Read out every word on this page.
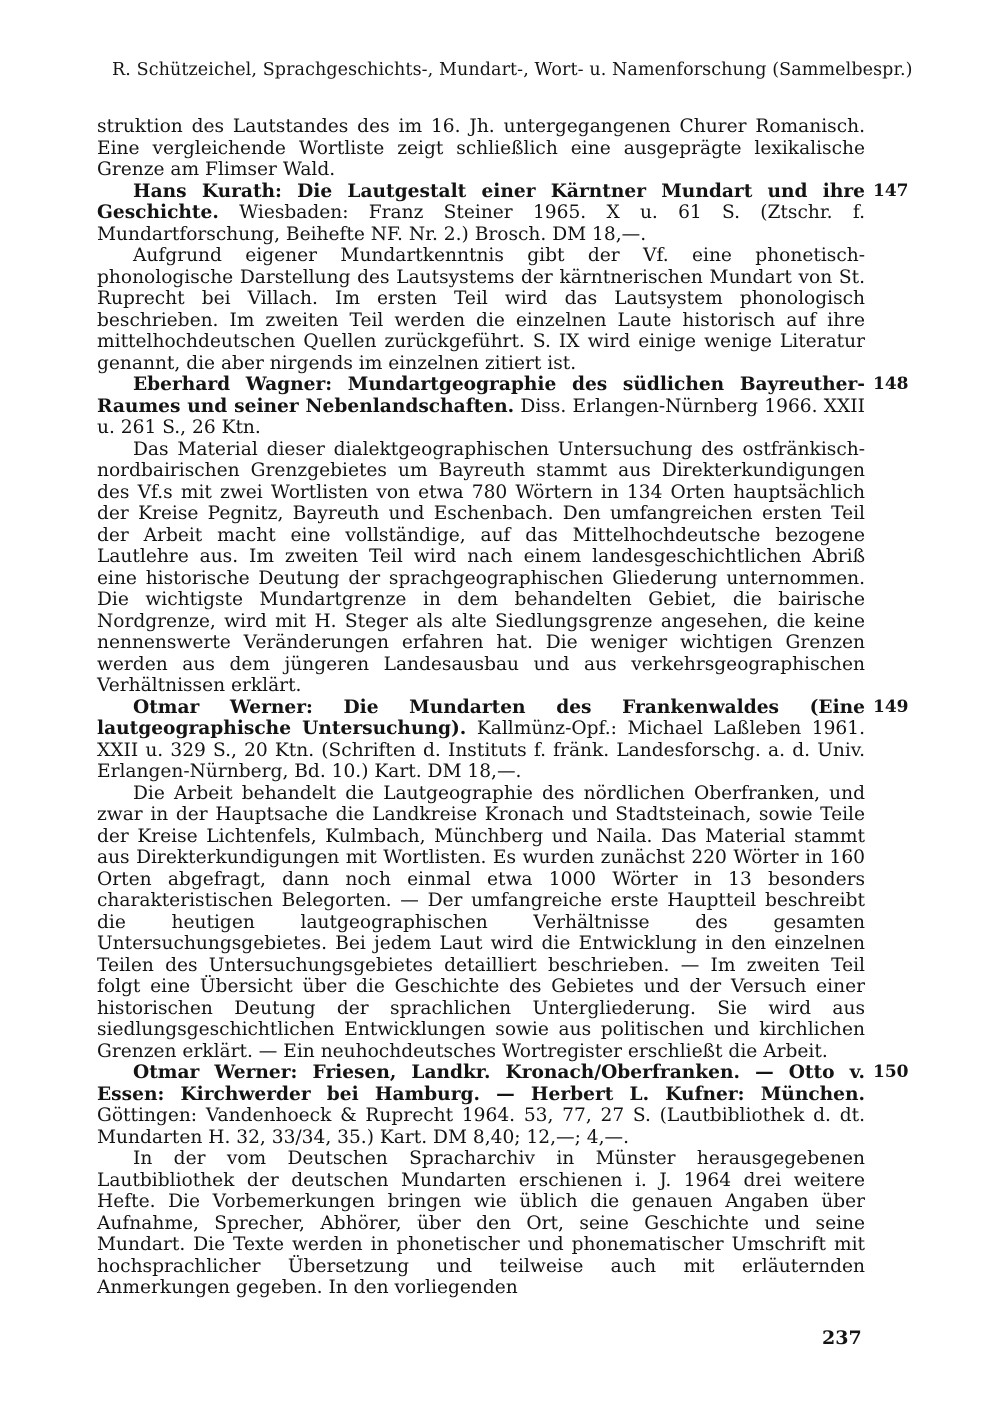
R. Schützeichel, Sprachgeschichts-, Mundart-, Wort- u. Namenforschung (Sammelbespr.)

struktion des Lautstandes des im 16. Jh. untergegangenen Churer Romanisch. Eine vergleichende Wortliste zeigt schließlich eine ausgeprägte lexikalische Grenze am Flimser Wald.

147
Hans Kurath: Die Lautgestalt einer Kärntner Mundart und ihre Geschichte. Wiesbaden: Franz Steiner 1965. X u. 61 S. (Ztschr. f. Mundartforschung, Beihefte NF. Nr. 2.) Brosch. DM 18,—.

Aufgrund eigener Mundartkenntnis gibt der Vf. eine phonetisch-phonologische Darstellung des Lautsystems der kärntnerischen Mundart von St. Ruprecht bei Villach. Im ersten Teil wird das Lautsystem phonologisch beschrieben. Im zweiten Teil werden die einzelnen Laute historisch auf ihre mittelhochdeutschen Quellen zurückgeführt. S. IX wird einige wenige Literatur genannt, die aber nirgends im einzelnen zitiert ist.

148
Eberhard Wagner: Mundartgeographie des südlichen Bayreuther-Raumes und seiner Nebenlandschaften. Diss. Erlangen-Nürnberg 1966. XXII u. 261 S., 26 Ktn.

Das Material dieser dialektgeographischen Untersuchung des ostfränkisch-nordbairischen Grenzgebietes um Bayreuth stammt aus Direkterkundigungen des Vf.s mit zwei Wortlisten von etwa 780 Wörtern in 134 Orten hauptsächlich der Kreise Pegnitz, Bayreuth und Eschenbach. Den umfangreichen ersten Teil der Arbeit macht eine vollständige, auf das Mittelhochdeutsche bezogene Lautlehre aus. Im zweiten Teil wird nach einem landesgeschichtlichen Abriß eine historische Deutung der sprachgeographischen Gliederung unternommen. Die wichtigste Mundartgrenze in dem behandelten Gebiet, die bairische Nordgrenze, wird mit H. Steger als alte Siedlungsgrenze angesehen, die keine nennenswerte Veränderungen erfahren hat. Die weniger wichtigen Grenzen werden aus dem jüngeren Landesausbau und aus verkehrsgeographischen Verhältnissen erklärt.

149
Otmar Werner: Die Mundarten des Frankenwaldes (Eine lautgeographische Untersuchung). Kallmünz-Opf.: Michael Laßleben 1961. XXII u. 329 S., 20 Ktn. (Schriften d. Instituts f. fränk. Landesforschg. a. d. Univ. Erlangen-Nürnberg, Bd. 10.) Kart. DM 18,—.

Die Arbeit behandelt die Lautgeographie des nördlichen Oberfranken, und zwar in der Hauptsache die Landkreise Kronach und Stadtsteinach, sowie Teile der Kreise Lichtenfels, Kulmbach, Münchberg und Naila. Das Material stammt aus Direkterkundigungen mit Wortlisten. Es wurden zunächst 220 Wörter in 160 Orten abgefragt, dann noch einmal etwa 1000 Wörter in 13 besonders charakteristischen Belegorten. — Der umfangreiche erste Hauptteil beschreibt die heutigen lautgeographischen Verhältnisse des gesamten Untersuchungsgebietes. Bei jedem Laut wird die Entwicklung in den einzelnen Teilen des Untersuchungsgebietes detailliert beschrieben. — Im zweiten Teil folgt eine Übersicht über die Geschichte des Gebietes und der Versuch einer historischen Deutung der sprachlichen Untergliederung. Sie wird aus siedlungsgeschichtlichen Entwicklungen sowie aus politischen und kirchlichen Grenzen erklärt. — Ein neuhochdeutsches Wortregister erschließt die Arbeit.

150
Otmar Werner: Friesen, Landkr. Kronach/Oberfranken. — Otto v. Essen: Kirchwerder bei Hamburg. — Herbert L. Kufner: München. Göttingen: Vandenhoeck & Ruprecht 1964. 53, 77, 27 S. (Lautbibliothek d. dt. Mundarten H. 32, 33/34, 35.) Kart. DM 8,40; 12,—; 4,—.

In der vom Deutschen Spracharchiv in Münster herausgegebenen Lautbibliothek der deutschen Mundarten erschienen i. J. 1964 drei weitere Hefte. Die Vorbemerkungen bringen wie üblich die genauen Angaben über Aufnahme, Sprecher, Abhörer, über den Ort, seine Geschichte und seine Mundart. Die Texte werden in phonetischer und phonematischer Umschrift mit hochsprachlicher Übersetzung und teilweise auch mit erläuternden Anmerkungen gegeben. In den vorliegenden

237
